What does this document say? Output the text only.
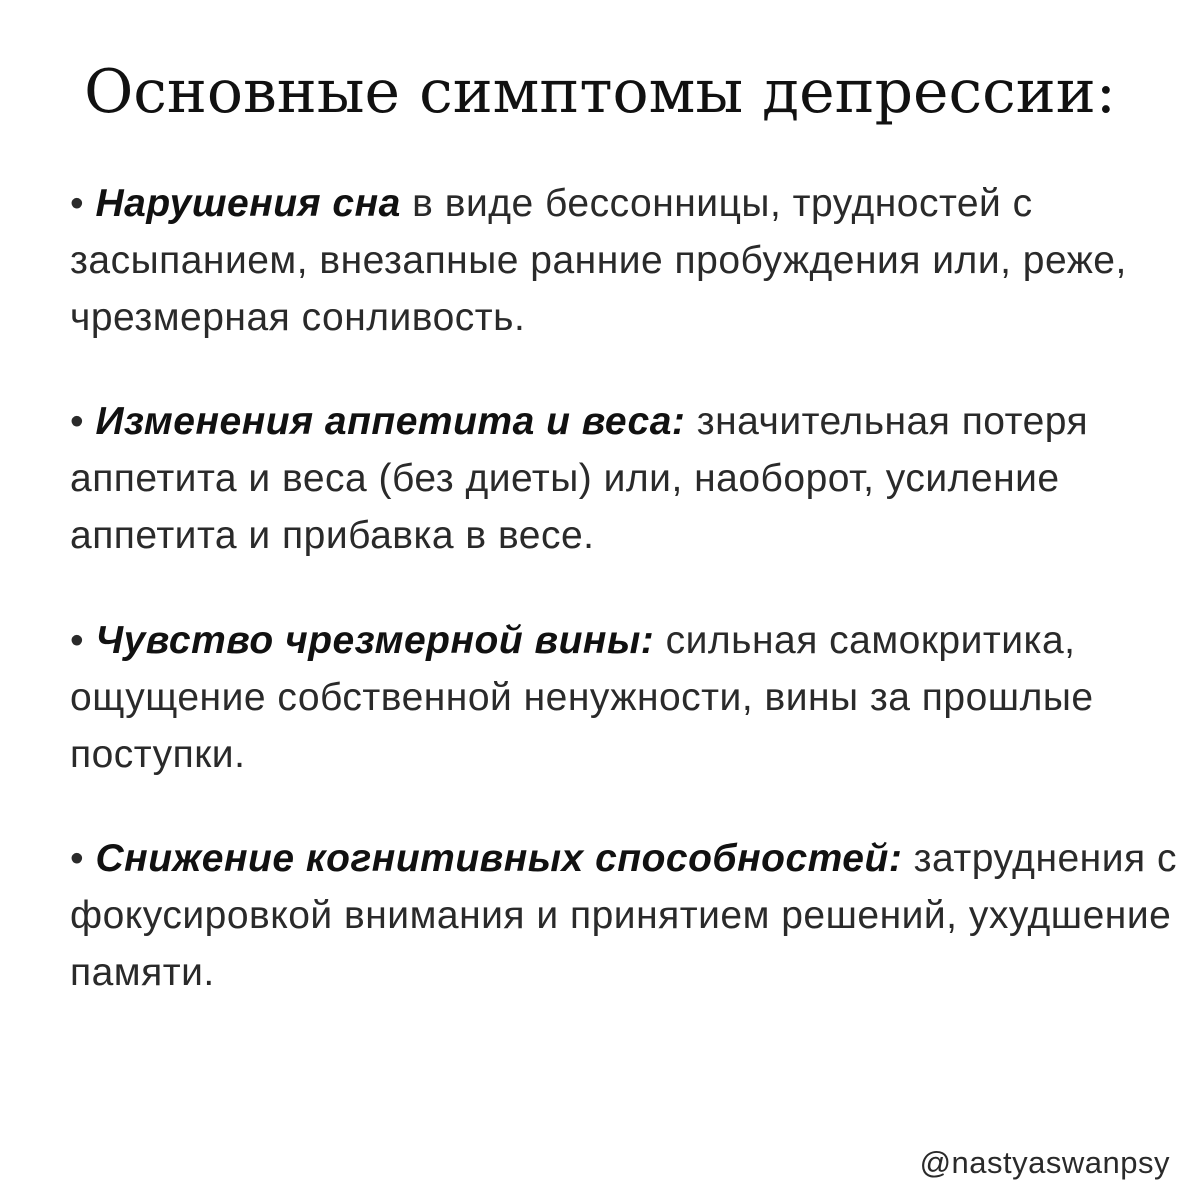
Основные симптомы депрессии:

• Нарушения сна в виде бессонницы, трудностей с засыпанием, внезапные ранние пробуждения или, реже, чрезмерная сонливость.

• Изменения аппетита и веса: значительная потеря аппетита и веса (без диеты) или, наоборот, усиление аппетита и прибавка в весе.

• Чувство чрезмерной вины: сильная самокритика, ощущение собственной ненужности, вины за прошлые поступки.

• Снижение когнитивных способностей: затруднения с фокусировкой внимания и принятием решений, ухудшение памяти.

@nastyaswanpsy
